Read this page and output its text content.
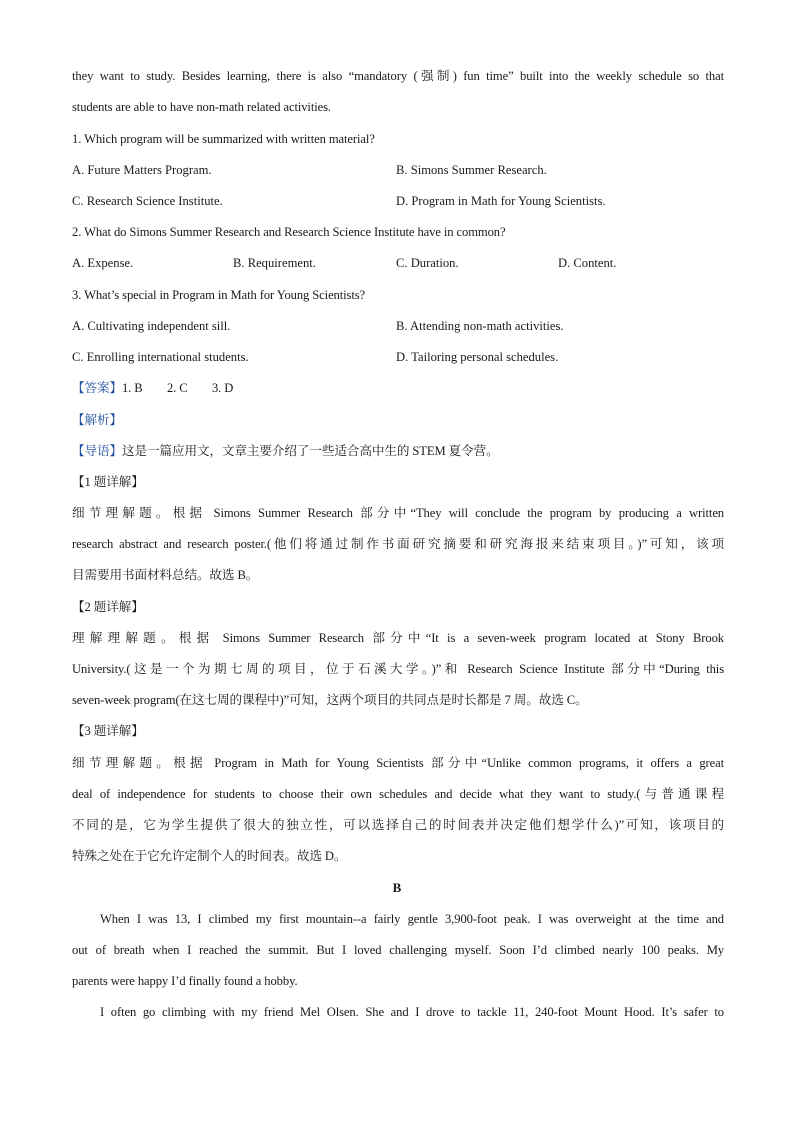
they want to study. Besides learning, there is also “mandatory (强制) fun time” built into the weekly schedule so that
students are able to have non-math related activities.
1. Which program will be summarized with written material?
A. Future Matters Program.	B. Simons Summer Research.
C. Research Science Institute.	D. Program in Math for Young Scientists.
2. What do Simons Summer Research and Research Science Institute have in common?
A. Expense.	B. Requirement.	C. Duration.	D. Content.
3. What’s special in Program in Math for Young Scientists?
A. Cultivating independent sill.	B. Attending non-math activities.
C. Enrolling international students.	D. Tailoring personal schedules.
【答案】1. B        2. C        3. D
【解析】
【导语】这是一篇应用文，文章主要介绍了一些适合高中生的 STEM 夏令营。
【1 题详解】
细节理解题。根据 Simons Summer Research 部分中“They will conclude the program by producing a written
research abstract and research poster.(他们将通过制作书面研究摘要和研究海报来结束项目。)”可知，该项
目需要用书面材料总结。故选 B。
【2 题详解】
理解理解题。根据 Simons Summer Research 部分中“It is a seven-week program located at Stony Brook
University.(这是一个为期七周的项目，位于石溪大学。)”和 Research Science Institute 部分中“During this
seven-week program(在这七周的课程中)”可知，这两个项目的共同点是时长都是 7 周。故选 C。
【3 题详解】
细节理解题。根据 Program in Math for Young Scientists 部分中“Unlike common programs, it offers a great
deal of independence for students to choose their own schedules and decide what they want to study.(与普通课程
不同的是，它为学生提供了很大的独立性，可以选择自己的时间表并决定他们想学什么)”可知，该项目的
特殊之处在于它允许定制个人的时间表。故选 D。
B
When I was 13, I climbed my first mountain--a fairly gentle 3,900-foot peak. I was overweight at the time and
out of breath when I reached the summit. But I loved challenging myself. Soon I’d climbed nearly 100 peaks. My
parents were happy I’d finally found a hobby.
I often go climbing with my friend Mel Olsen. She and I drove to tackle 11, 240-foot Mount Hood. It’s safer to
